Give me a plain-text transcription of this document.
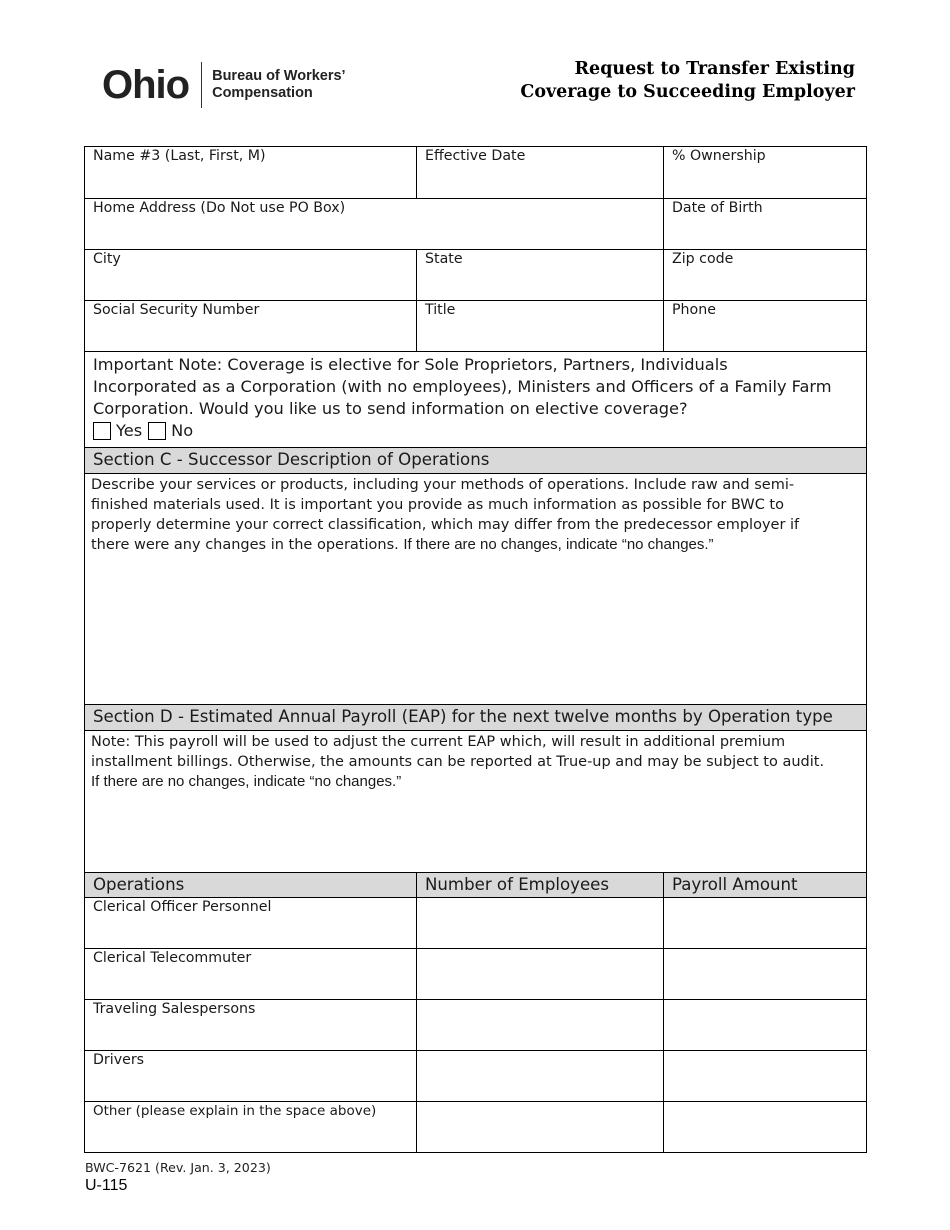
Ohio Bureau of Workers’
Compensation
Request to Transfer Existing
Coverage to Succeeding Employer
Name #3 (Last, First, M)	Effective Date	% Ownership
Home Address (Do Not use PO Box)	Date of Birth
City	State	Zip code
Social Security Number	Title	Phone
Important Note: Coverage is elective for Sole Proprietors, Partners, Individuals
Incorporated as a Corporation (with no employees), Ministers and Officers of a Family Farm
Corporation. Would you like us to send information on elective coverage?
Yes No
Section C - Successor Description of Operations
Describe your services or products, including your methods of operations. Include raw and semi-
finished materials used. It is important you provide as much information as possible for BWC to
properly determine your correct classification, which may differ from the predecessor employer if
there were any changes in the operations. If there are no changes, indicate “no changes.”
Section D - Estimated Annual Payroll (EAP) for the next twelve months by Operation type
Note: This payroll will be used to adjust the current EAP which, will result in additional premium
installment billings. Otherwise, the amounts can be reported at True-up and may be subject to audit.
If there are no changes, indicate “no changes.”
Operations	Number of Employees	Payroll Amount
Clerical Officer Personnel
Clerical Telecommuter
Traveling Salespersons
Drivers
Other (please explain in the space above)
BWC-7621 (Rev. Jan. 3, 2023)
U-115
